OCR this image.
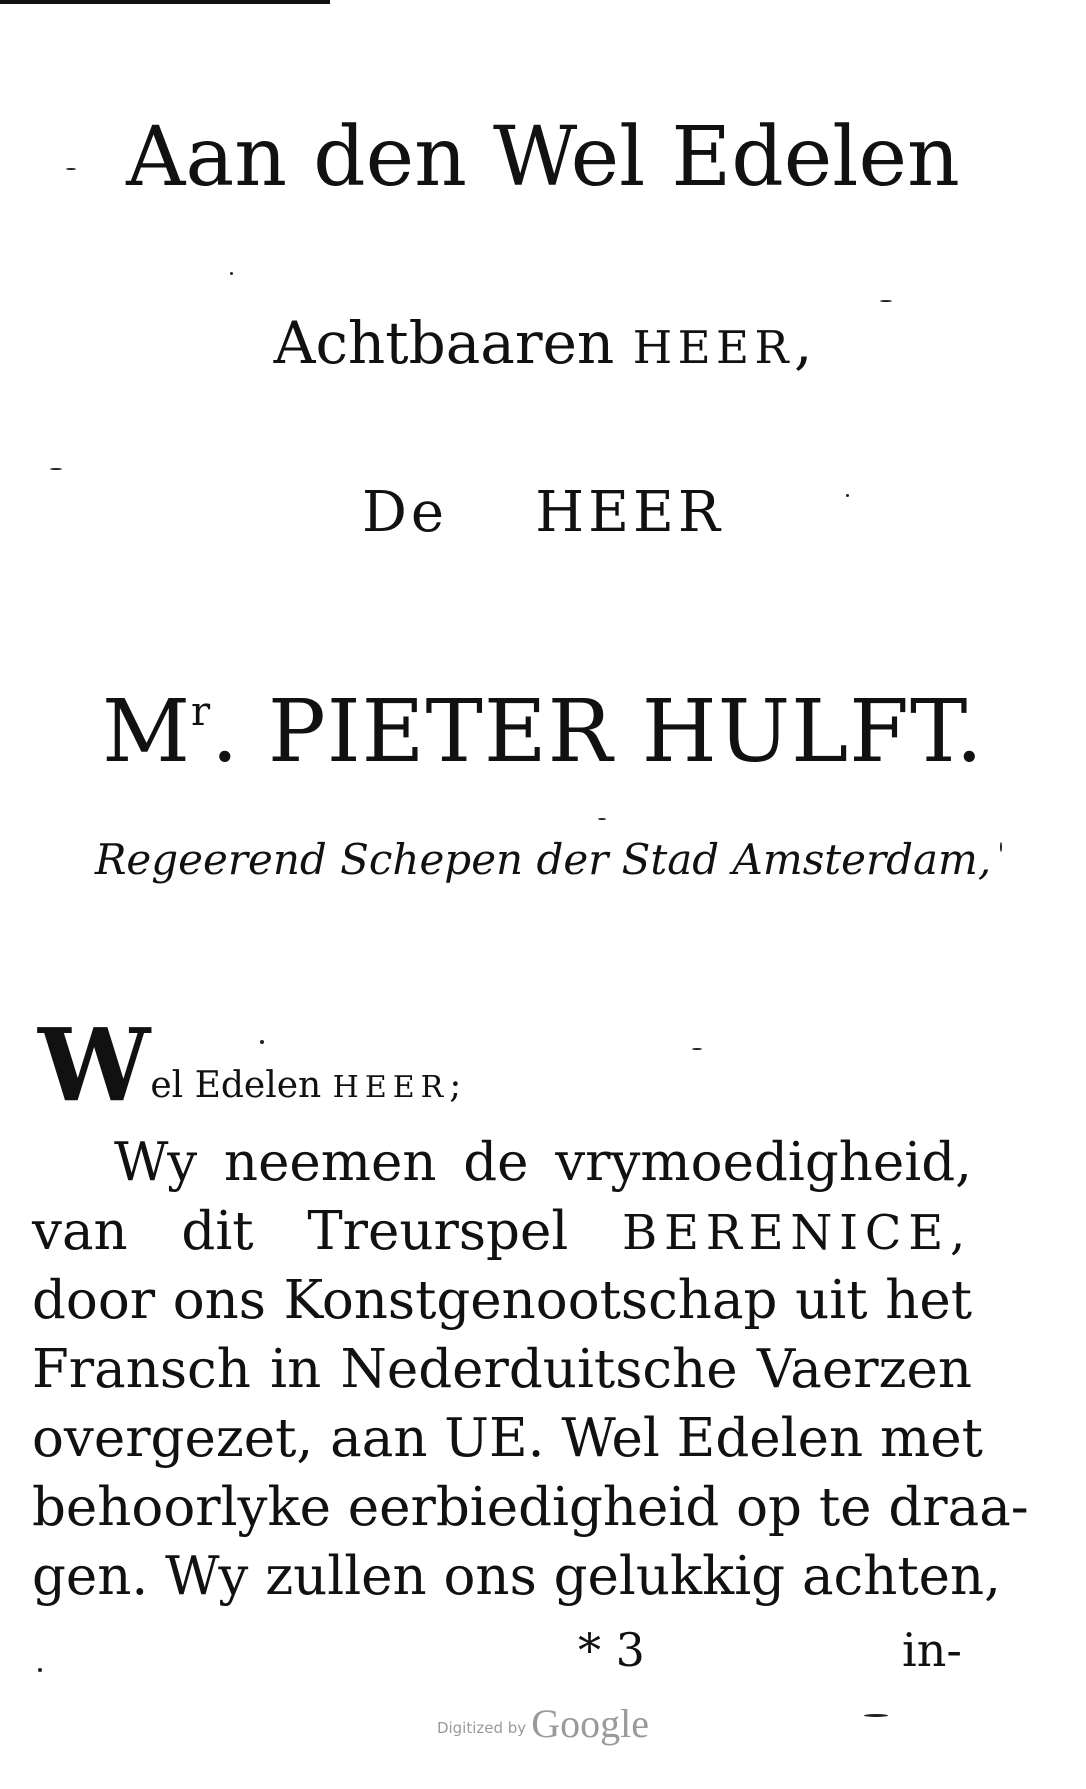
Aan den Wel Edelen
Achtbaaren HEER,
De HEER
$M^r$. PIETER HULFT.
Regeerend Schepen der Stad Amsterdam,
Wel Edelen HEER;
Wy neemen de vrymoedigheid,
van dit Treurspel BERENICE,
door ons Konstgenootschap uit het
Fransch in Nederduitsche Vaerzen
overgezet, aan UE. Wel Edelen met
behoorlyke eerbiedigheid op te draa-
gen. Wy zullen ons gelukkig achten,
* 3	in-
Digitized by Google
